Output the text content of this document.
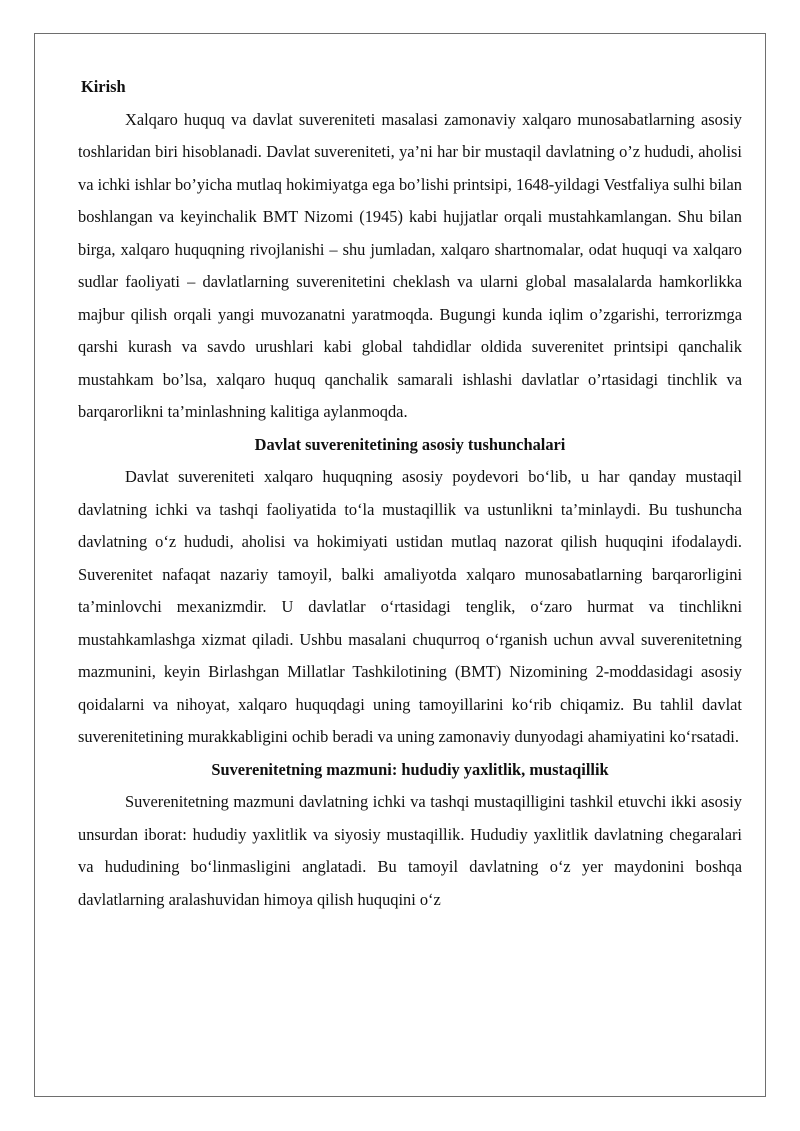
Kirish

Xalqaro huquq va davlat suvereniteti masalasi zamonaviy xalqaro munosabatlarning asosiy toshlaridan biri hisoblanadi. Davlat suvereniteti, ya’ni har bir mustaqil davlatning o’z hududi, aholisi va ichki ishlar bo’yicha mutlaq hokimiyatga ega bo’lishi printsipi, 1648-yildagi Vestfaliya sulhi bilan boshlangan va keyinchalik BMT Nizomi (1945) kabi hujjatlar orqali mustahkamlangan. Shu bilan birga, xalqaro huquqning rivojlanishi – shu jumladan, xalqaro shartnomalar, odat huquqi va xalqaro sudlar faoliyati – davlatlarning suverenitetini cheklash va ularni global masalalarda hamkorlikka majbur qilish orqali yangi muvozanatni yaratmoqda. Bugungi kunda iqlim o’zgarishi, terrorizmga qarshi kurash va savdo urushlari kabi global tahdidlar oldida suverenitet printsipi qanchalik mustahkam bo’lsa, xalqaro huquq qanchalik samarali ishlashi davlatlar o’rtasidagi tinchlik va barqarorlikni ta’minlashning kalitiga aylanmoqda.

Davlat suverenitetining asosiy tushunchalari

Davlat suvereniteti xalqaro huquqning asosiy poydevori bo‘lib, u har qanday mustaqil davlatning ichki va tashqi faoliyatida to‘la mustaqillik va ustunlikni ta’minlaydi. Bu tushuncha davlatning o‘z hududi, aholisi va hokimiyati ustidan mutlaq nazorat qilish huquqini ifodalaydi. Suverenitet nafaqat nazariy tamoyil, balki amaliyotda xalqaro munosabatlarning barqarorligini ta’minlovchi mexanizmdir. U davlatlar o‘rtasidagi tenglik, o‘zaro hurmat va tinchlikni mustahkamlashga xizmat qiladi. Ushbu masalani chuqurroq o‘rganish uchun avval suverenitetning mazmunini, keyin Birlashgan Millatlar Tashkilotining (BMT) Nizomining 2-moddasidagi asosiy qoidalarni va nihoyat, xalqaro huquqdagi uning tamoyillarini ko‘rib chiqamiz. Bu tahlil davlat suverenitetining murakkabligini ochib beradi va uning zamonaviy dunyodagi ahamiyatini ko‘rsatadi.

Suverenitetning mazmuni: hududiy yaxlitlik, mustaqillik

Suverenitetning mazmuni davlatning ichki va tashqi mustaqilligini tashkil etuvchi ikki asosiy unsurdan iborat: hududiy yaxlitlik va siyosiy mustaqillik. Hududiy yaxlitlik davlatning chegaralari va hududining bo‘linmasligini anglatadi. Bu tamoyil davlatning o‘z yer maydonini boshqa davlatlarning aralashuvidan himoya qilish huquqini o‘z
